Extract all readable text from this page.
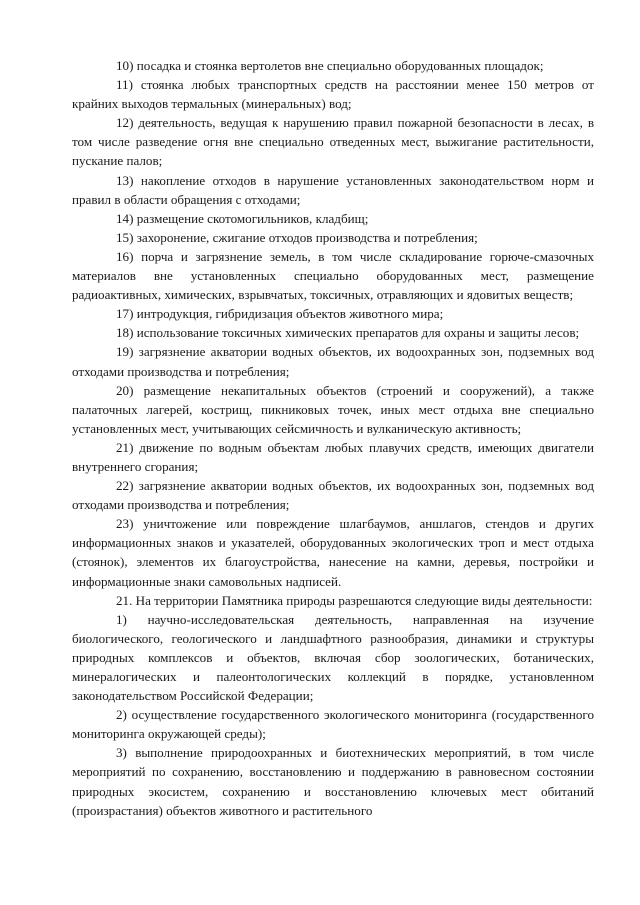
10) посадка и стоянка вертолетов вне специально оборудованных площадок;

11) стоянка любых транспортных средств на расстоянии менее 150 метров от крайних выходов термальных (минеральных) вод;

12) деятельность, ведущая к нарушению правил пожарной безопасности в лесах, в том числе разведение огня вне специально отведенных мест, выжигание растительности, пускание палов;

13) накопление отходов в нарушение установленных законодательством норм и правил в области обращения с отходами;

14) размещение скотомогильников, кладбищ;

15) захоронение, сжигание отходов производства и потребления;

16) порча и загрязнение земель, в том числе складирование горюче-смазочных материалов вне установленных специально оборудованных мест, размещение радиоактивных, химических, взрывчатых, токсичных, отравляющих и ядовитых веществ;

17) интродукция, гибридизация объектов животного мира;

18) использование токсичных химических препаратов для охраны и защиты лесов;

19) загрязнение акватории водных объектов, их водоохранных зон, подземных вод отходами производства и потребления;

20) размещение некапитальных объектов (строений и сооружений), а также палаточных лагерей, кострищ, пикниковых точек, иных мест отдыха вне специально установленных мест, учитывающих сейсмичность и вулканическую активность;

21) движение по водным объектам любых плавучих средств, имеющих двигатели внутреннего сгорания;

22) загрязнение акватории водных объектов, их водоохранных зон, подземных вод отходами производства и потребления;

23) уничтожение или повреждение шлагбаумов, аншлагов, стендов и других информационных знаков и указателей, оборудованных экологических троп и мест отдыха (стоянок), элементов их благоустройства, нанесение на камни, деревья, постройки и информационные знаки самовольных надписей.

21. На территории Памятника природы разрешаются следующие виды деятельности:

1) научно-исследовательская деятельность, направленная на изучение биологического, геологического и ландшафтного разнообразия, динамики и структуры природных комплексов и объектов, включая сбор зоологических, ботанических, минералогических и палеонтологических коллекций в порядке, установленном законодательством Российской Федерации;

2) осуществление государственного экологического мониторинга (государственного мониторинга окружающей среды);

3) выполнение природоохранных и биотехнических мероприятий, в том числе мероприятий по сохранению, восстановлению и поддержанию в равновесном состоянии природных экосистем, сохранению и восстановлению ключевых мест обитаний (произрастания) объектов животного и растительного
